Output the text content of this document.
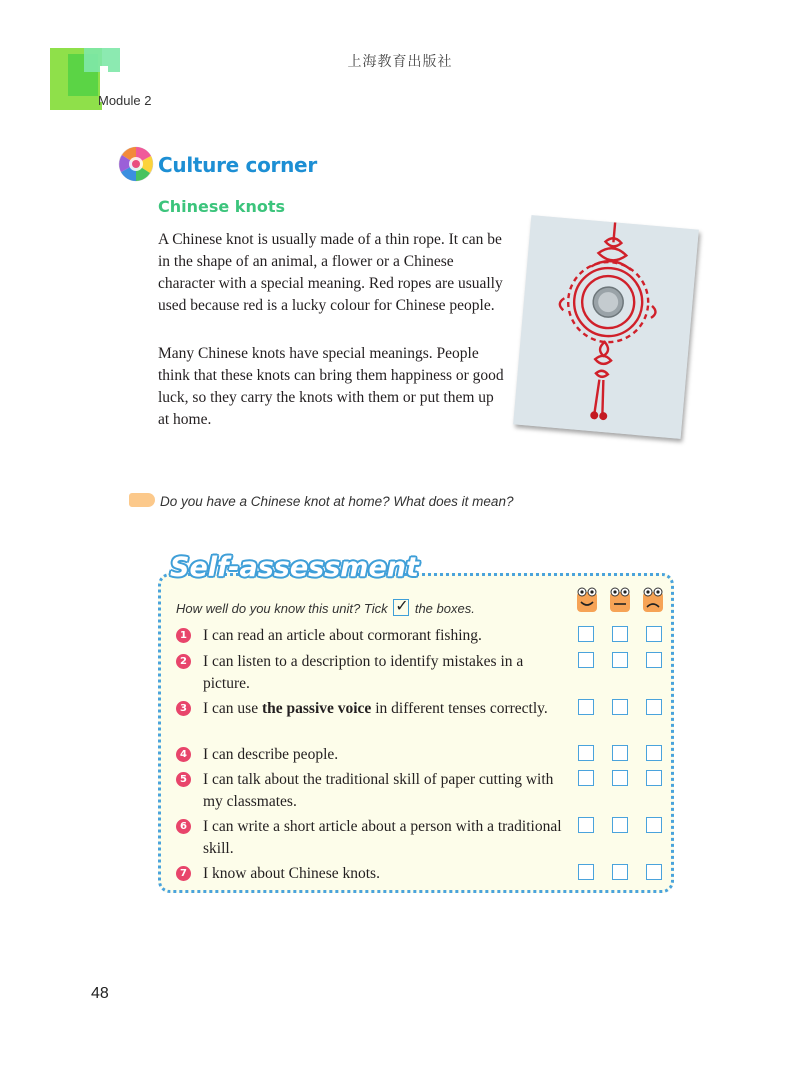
Module 2
上海教育出版社
Culture corner
Chinese knots
A Chinese knot is usually made of a thin rope. It can be in the shape of an animal, a flower or a Chinese character with a special meaning. Red ropes are usually used because red is a lucky colour for Chinese people.
Many Chinese knots have special meanings. People think that these knots can bring them happiness or good luck, so they carry the knots with them or put them up at home.
Do you have a Chinese knot at home? What does it mean?
Self-assessment
How well do you know this unit? Tick ✓ the boxes.
1 I can read an article about cormorant fishing.
2 I can listen to a description to identify mistakes in a picture.
3 I can use the passive voice in different tenses correctly.
4 I can describe people.
5 I can talk about the traditional skill of paper cutting with my classmates.
6 I can write a short article about a person with a traditional skill.
7 I know about Chinese knots.
48
